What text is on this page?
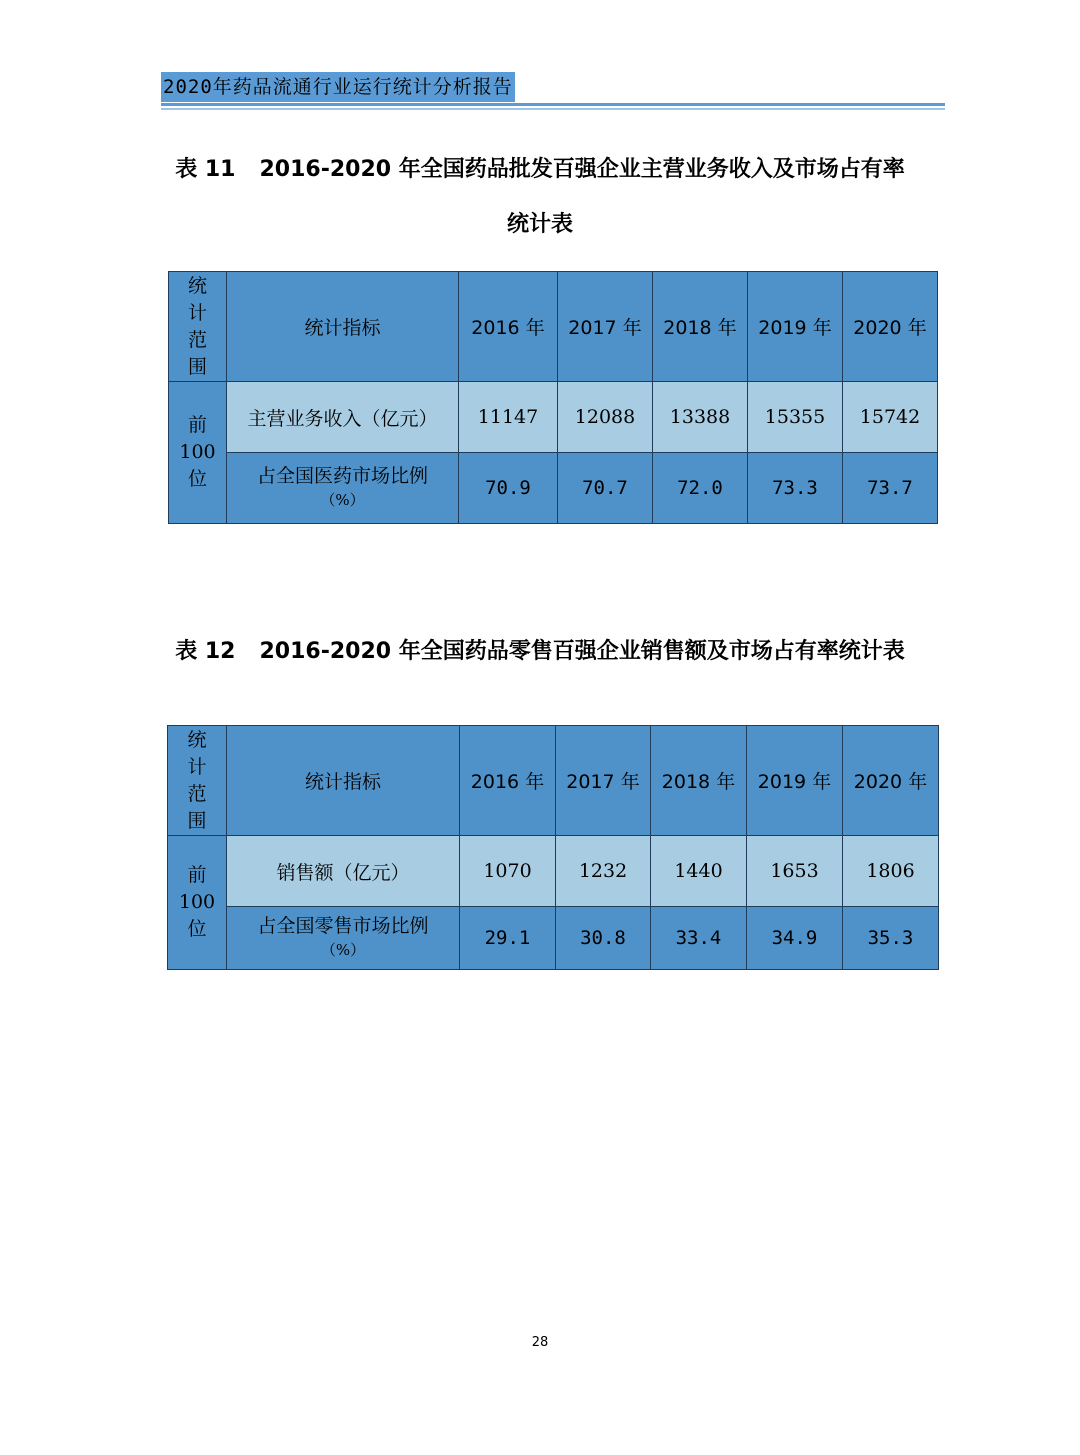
2020年药品流通行业运行统计分析报告
表 11 2016-2020 年全国药品批发百强企业主营业务收入及市场占有率
统计表
统
计
范
围	统计指标	2016 年	2017 年	2018 年	2019 年	2020 年
前
100
位	主营业务收入（亿元）	11147	12088	13388	15355	15742
	占全国医药市场比例
（%）	70.9	70.7	72.0	73.3	73.7
表 12 2016-2020 年全国药品零售百强企业销售额及市场占有率统计表
统
计
范
围	统计指标	2016 年	2017 年	2018 年	2019 年	2020 年
前
100
位	销售额（亿元）	1070	1232	1440	1653	1806
	占全国零售市场比例
（%）	29.1	30.8	33.4	34.9	35.3
28
